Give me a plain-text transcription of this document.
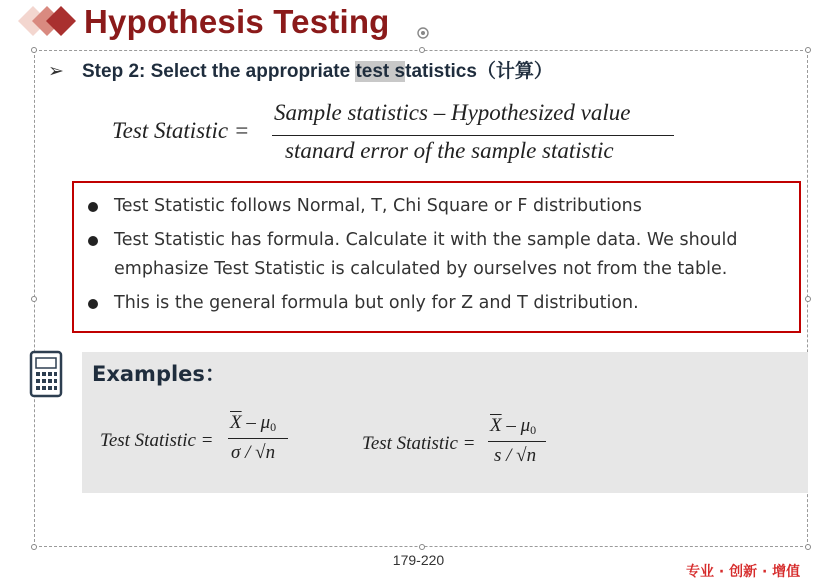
Hypothesis Testing
➢ Step 2: Select the appropriate test statistics（计算）
Test Statistic =
Sample statistics – Hypothesized value
stanard error of the sample statistic
Test Statistic follows Normal, T, Chi Square or F distributions
Test Statistic has formula. Calculate it with the sample data. We should emphasize Test Statistic is calculated by ourselves not from the table.
This is the general formula but only for Z and T distribution.
Examples：
Test Statistic =
$\overline{X} - \mu_0$
σ / √n	Test Statistic =
$\overline{X} - \mu_0$
s / √n
179-220
专业 · 创新 · 增值
